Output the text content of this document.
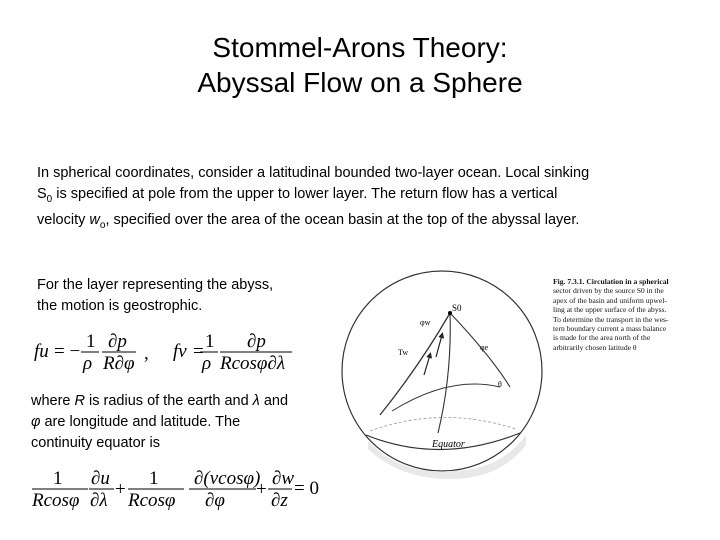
Stommel-Arons Theory:
Abyssal Flow on a Sphere
In spherical coordinates, consider a latitudinal bounded two-layer ocean. Local sinking
$S_0$ is specified at pole from the upper to lower layer. The return flow has a vertical
velocity $w_o$, specified over the area of the ocean basin at the top of the abyssal layer.
For the layer representing the abyss,
the motion is geostrophic.
fu = − 1
ρ
∂p
R∂φ , fv = 1
ρ
∂p
Rcosφ∂λ
where R is radius of the earth and λ and
φ are longitude and latitude. The
continuity equator is
1
Rcosφ
∂u
∂λ
+
1
Rcosφ
∂(vcosφ)
∂φ
+
∂w
∂z
= 0
S0
φw
φe
Tw
θ
Equator
Fig. 7.3.1. Circulation in a spherical
sector driven by the source S0 in the
apex of the basin and uniform upwel-
ling at the upper surface of the abyss.
To determine the transport in the wes-
tern boundary current a mass balance
is made for the area north of the
arbitrarily chosen latitude θ
